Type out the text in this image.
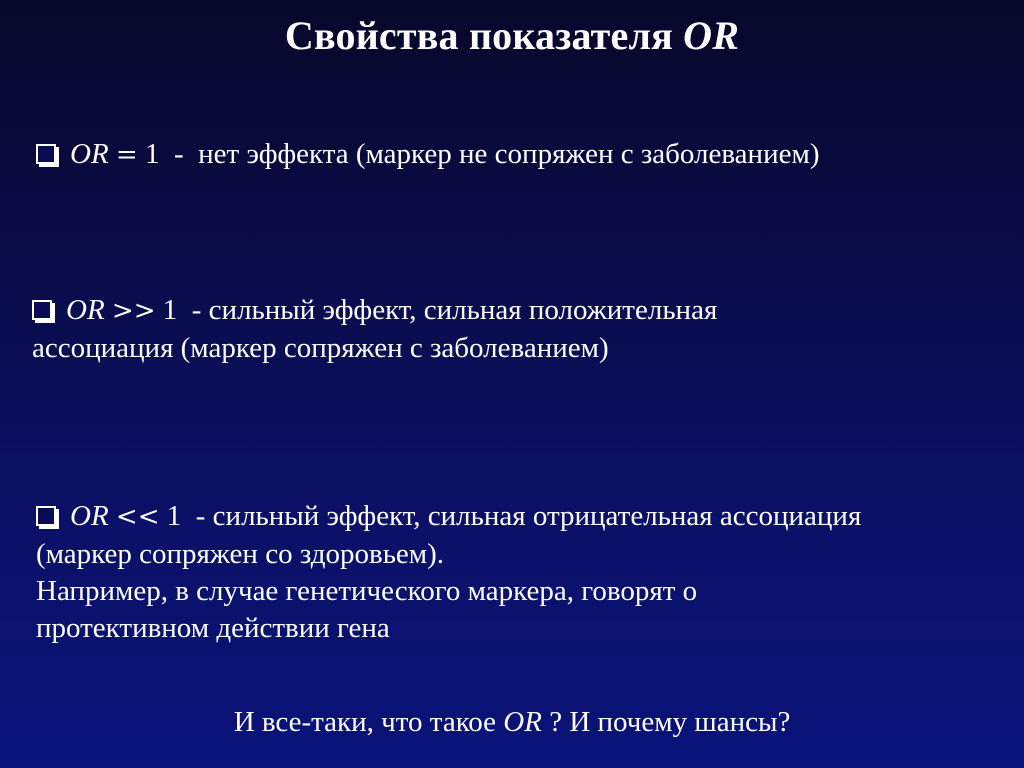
Свойства показателя OR
OR = 1 - нет эффекта (маркер не сопряжен с заболеванием)
OR >> 1 - сильный эффект, сильная положительная
ассоциация (маркер сопряжен с заболеванием)
OR << 1 - сильный эффект, сильная отрицательная ассоциация
(маркер сопряжен со здоровьем).
Например, в случае генетического маркера, говорят о
протективном действии гена
И все-таки, что такое OR ? И почему шансы?
